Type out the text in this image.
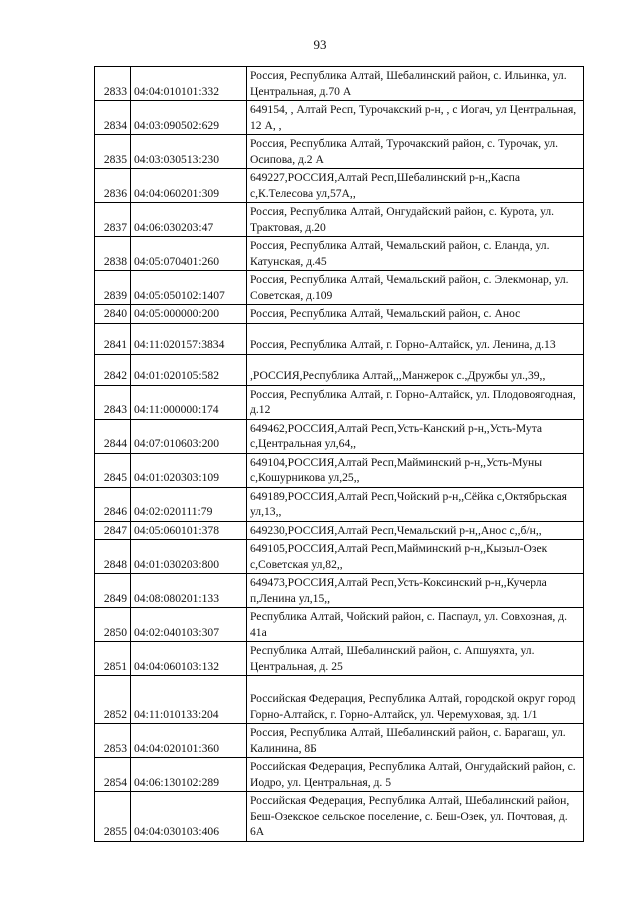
93
2833	04:04:010101:332	Россия, Республика Алтай, Шебалинский район, с. Ильинка, ул. Центральная, д.70 А
2834	04:03:090502:629	649154, , Алтай Респ, Турочакский р-н, , с Иогач, ул Центральная, 12 А, ,
2835	04:03:030513:230	Россия, Республика Алтай, Турочакский район, с. Турочак, ул. Осипова, д.2 А
2836	04:04:060201:309	649227,РОССИЯ,Алтай Респ,Шебалинский р-н,,Каспа с,К.Телесова ул,57А,,
2837	04:06:030203:47	Россия, Республика Алтай, Онгудайский район, с. Курота, ул. Трактовая, д.20
2838	04:05:070401:260	Россия, Республика Алтай, Чемальский район, с. Еланда, ул. Катунская, д.45
2839	04:05:050102:1407	Россия, Республика Алтай, Чемальский район, с. Элекмонар, ул. Советская, д.109
2840	04:05:000000:200	Россия, Республика Алтай, Чемальский район, с. Анос
2841	04:11:020157:3834	Россия, Республика Алтай, г. Горно-Алтайск, ул. Ленина, д.13
2842	04:01:020105:582	,РОССИЯ,Республика Алтай,,,Манжерок с.,Дружбы ул.,39,,
2843	04:11:000000:174	Россия, Республика Алтай, г. Горно-Алтайск, ул. Плодовоягодная, д.12
2844	04:07:010603:200	649462,РОССИЯ,Алтай Респ,Усть-Канский р-н,,Усть-Мута с,Центральная ул,64,,
2845	04:01:020303:109	649104,РОССИЯ,Алтай Респ,Майминский р-н,,Усть-Муны с,Кошурникова ул,25,,
2846	04:02:020111:79	649189,РОССИЯ,Алтай Респ,Чойский р-н,,Сёйка с,Октябрьская ул,13,,
2847	04:05:060101:378	649230,РОССИЯ,Алтай Респ,Чемальский р-н,,Анос с,,б/н,,
2848	04:01:030203:800	649105,РОССИЯ,Алтай Респ,Майминский р-н,,Кызыл-Озек с,Советская ул,82,,
2849	04:08:080201:133	649473,РОССИЯ,Алтай Респ,Усть-Коксинский р-н,,Кучерла п,Ленина ул,15,,
2850	04:02:040103:307	Республика Алтай, Чойский район, с. Паспаул, ул. Совхозная, д. 41а
2851	04:04:060103:132	Республика Алтай, Шебалинский район, с. Апшуяхта, ул. Центральная, д. 25
2852	04:11:010133:204	Российская Федерация, Республика Алтай, городской округ город Горно-Алтайск, г. Горно-Алтайск, ул. Черемуховая, зд. 1/1
2853	04:04:020101:360	Россия, Республика Алтай, Шебалинский район, с. Барагаш, ул. Калинина, 8Б
2854	04:06:130102:289	Российская Федерация, Республика Алтай, Онгудайский район, с. Иодро, ул. Центральная, д. 5
2855	04:04:030103:406	Российская Федерация, Республика Алтай, Шебалинский район, Беш-Озекское сельское поселение, с. Беш-Озек, ул. Почтовая, д. 6А
